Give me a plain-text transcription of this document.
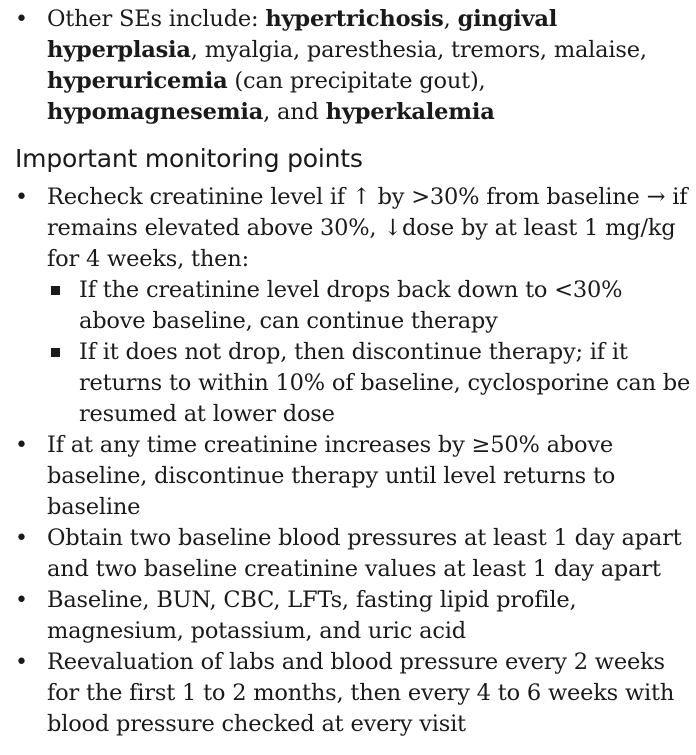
• Other SEs include: hypertrichosis, gingival hyperplasia, myalgia, paresthesia, tremors, malaise, hyperuricemia (can precipitate gout), hypomagnesemia, and hyperkalemia
Important monitoring points
• Recheck creatinine level if ↑ by >30% from baseline → if remains elevated above 30%, ↓dose by at least 1 mg/kg for 4 weeks, then:
If the creatinine level drops back down to <30% above baseline, can continue therapy
If it does not drop, then discontinue therapy; if it returns to within 10% of baseline, cyclosporine can be resumed at lower dose
• If at any time creatinine increases by ≥50% above baseline, discontinue therapy until level returns to baseline
• Obtain two baseline blood pressures at least 1 day apart and two baseline creatinine values at least 1 day apart
• Baseline, BUN, CBC, LFTs, fasting lipid profile, magnesium, potassium, and uric acid
• Reevaluation of labs and blood pressure every 2 weeks for the first 1 to 2 months, then every 4 to 6 weeks with blood pressure checked at every visit
